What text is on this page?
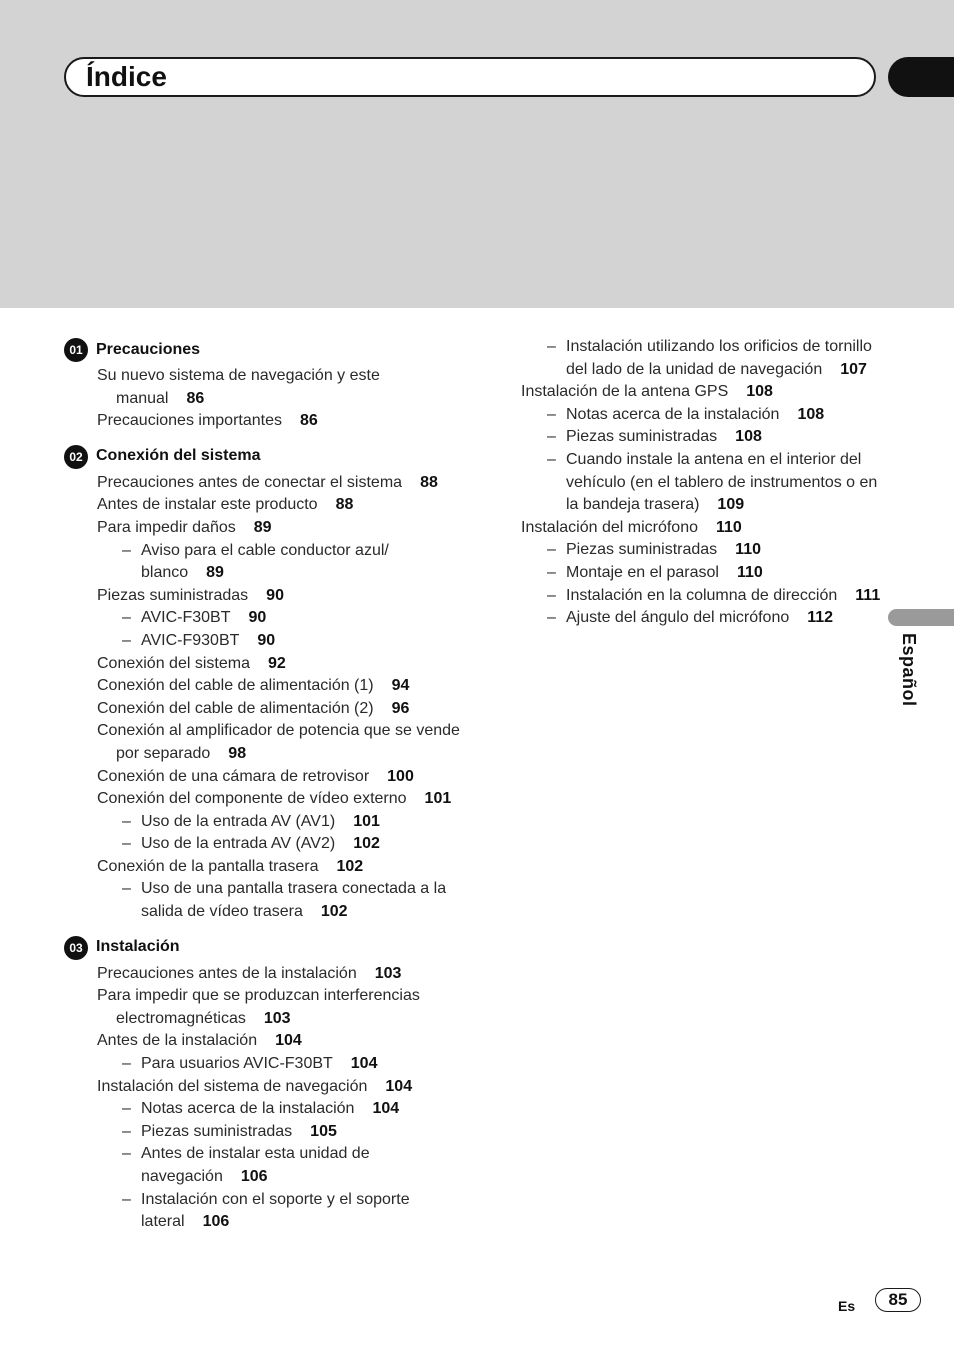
Índice
Español
01 Precauciones
Su nuevo sistema de navegación y este manual 86
Precauciones importantes 86
02 Conexión del sistema
Precauciones antes de conectar el sistema 88
Antes de instalar este producto 88
Para impedir daños 89
– Aviso para el cable conductor azul/ blanco 89
Piezas suministradas 90
– AVIC-F30BT 90
– AVIC-F930BT 90
Conexión del sistema 92
Conexión del cable de alimentación (1) 94
Conexión del cable de alimentación (2) 96
Conexión al amplificador de potencia que se vende por separado 98
Conexión de una cámara de retrovisor 100
Conexión del componente de vídeo externo 101
– Uso de la entrada AV (AV1) 101
– Uso de la entrada AV (AV2) 102
Conexión de la pantalla trasera 102
– Uso de una pantalla trasera conectada a la salida de vídeo trasera 102
03 Instalación
Precauciones antes de la instalación 103
Para impedir que se produzcan interferencias electromagnéticas 103
Antes de la instalación 104
– Para usuarios AVIC-F30BT 104
Instalación del sistema de navegación 104
– Notas acerca de la instalación 104
– Piezas suministradas 105
– Antes de instalar esta unidad de navegación 106
– Instalación con el soporte y el soporte lateral 106
– Instalación utilizando los orificios de tornillo del lado de la unidad de navegación 107
Instalación de la antena GPS 108
– Notas acerca de la instalación 108
– Piezas suministradas 108
– Cuando instale la antena en el interior del vehículo (en el tablero de instrumentos o en la bandeja trasera) 109
Instalación del micrófono 110
– Piezas suministradas 110
– Montaje en el parasol 110
– Instalación en la columna de dirección 111
– Ajuste del ángulo del micrófono 112
Es	85
